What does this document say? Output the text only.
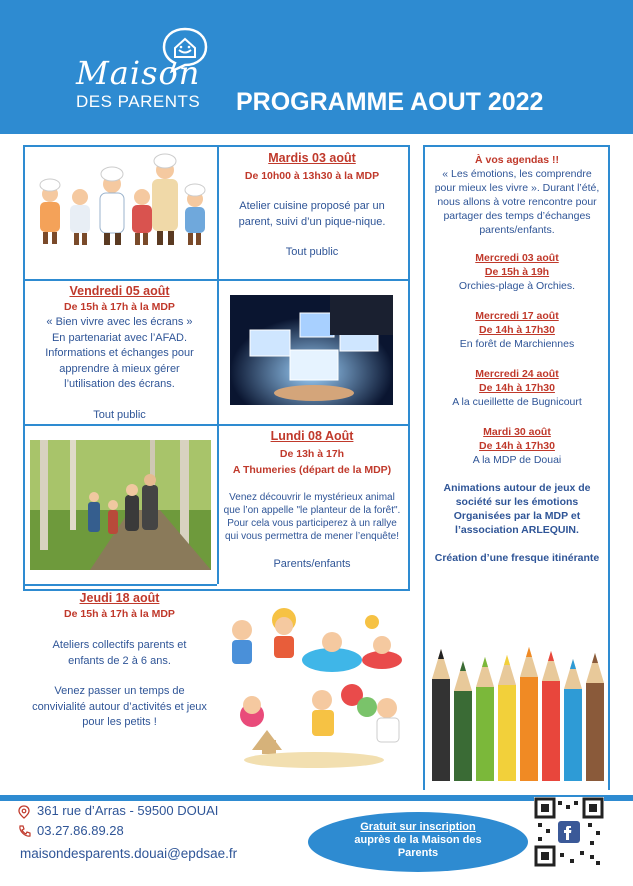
Maison
DES PARENTS PROGRAMME AOUT 2022
Mardis 03 août
De 10h00 à 13h30 à la MDP
Atelier cuisine proposé par un parent, suivi d’un pique-nique.
Tout public
Vendredi 05 août
De 15h à 17h à la MDP
« Bien vivre avec les écrans »
En partenariat avec l’AFAD.
Informations et échanges pour apprendre à mieux gérer l’utilisation des écrans.
Tout public
Lundi 08 Août
De 13h à 17h
A Thumeries (départ de la MDP)
Venez découvrir le mystérieux animal que l’on appelle "le planteur de la forêt". Pour cela vous participerez à un rallye qui vous permettra de mener l’enquête!
Parents/enfants
Jeudi 18 août
De 15h à 17h à la MDP
Ateliers collectifs parents et enfants de 2 à 6 ans.
Venez passer un temps de convivialité autour d’activités et jeux pour les petits !
À vos agendas !!
« Les émotions, les comprendre pour mieux les vivre ». Durant l’été, nous allons à votre rencontre pour partager des temps d’échanges parents/enfants.
Mercredi 03 août
De 15h à 19h
Orchies-plage à Orchies.
Mercredi 17 août
De 14h à 17h30
En forêt de Marchiennes
Mercredi 24 août
De 14h à 17h30
A la cueillette de Bugnicourt
Mardi 30 août
De 14h à 17h30
A la MDP de Douai
Animations autour de jeux de société sur les émotions Organisées par la MDP et l’association ARLEQUIN.
Création d’une fresque itinérante
361 rue d’Arras - 59500 DOUAI
03.27.86.89.28
maisondesparents.douai@epdsae.fr
Gratuit sur inscription
auprès de la Maison des Parents
